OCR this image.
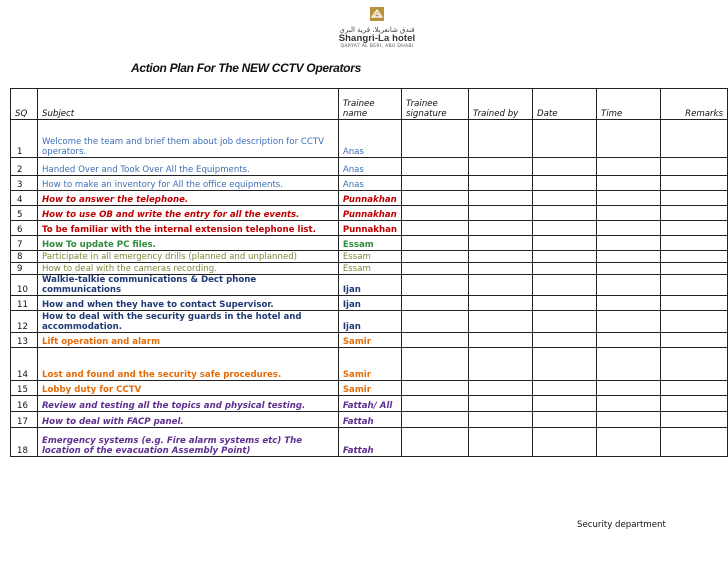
فندق شانغريلا، قرية البري
Shangri-La hotel
QARYAT AL BERI, ABU DHABI
Action Plan For The NEW CCTV Operators
SQ	Subject	Trainee name	Trainee signature	Trained by	Date	Time	Remarks
1	Welcome the team and brief them about job description for CCTV operators.	Anas					
2	Handed Over and Took Over All the Equipments.	Anas					
3	How to make an inventory for All the office equipments.	Anas					
4	How to answer the telephone.	Punnakhan					
5	How to use OB and write the entry for all the events.	Punnakhan					
6	To be familiar with the internal extension telephone list.	Punnakhan					
7	How To update PC files.	Essam					
8	Participate in all emergency drills (planned and unplanned)	Essam					
9	How to deal with the cameras recording.	Essam					
10	Walkie-talkie communications & Dect phone communications	Ijan					
11	How and when they have to contact Supervisor.	Ijan					
12	How to deal with the security guards in the hotel and accommodation.	Ijan					
13	Lift operation and alarm	Samir					
14	Lost and found and the security safe procedures.	Samir					
15	Lobby duty for CCTV	Samir					
16	Review and testing all the topics and physical testing.	Fattah/ All					
17	How to deal with FACP panel.	Fattah					
18	Emergency systems (e.g. Fire alarm systems etc) The location of the evacuation Assembly Point)	Fattah					
Security department
